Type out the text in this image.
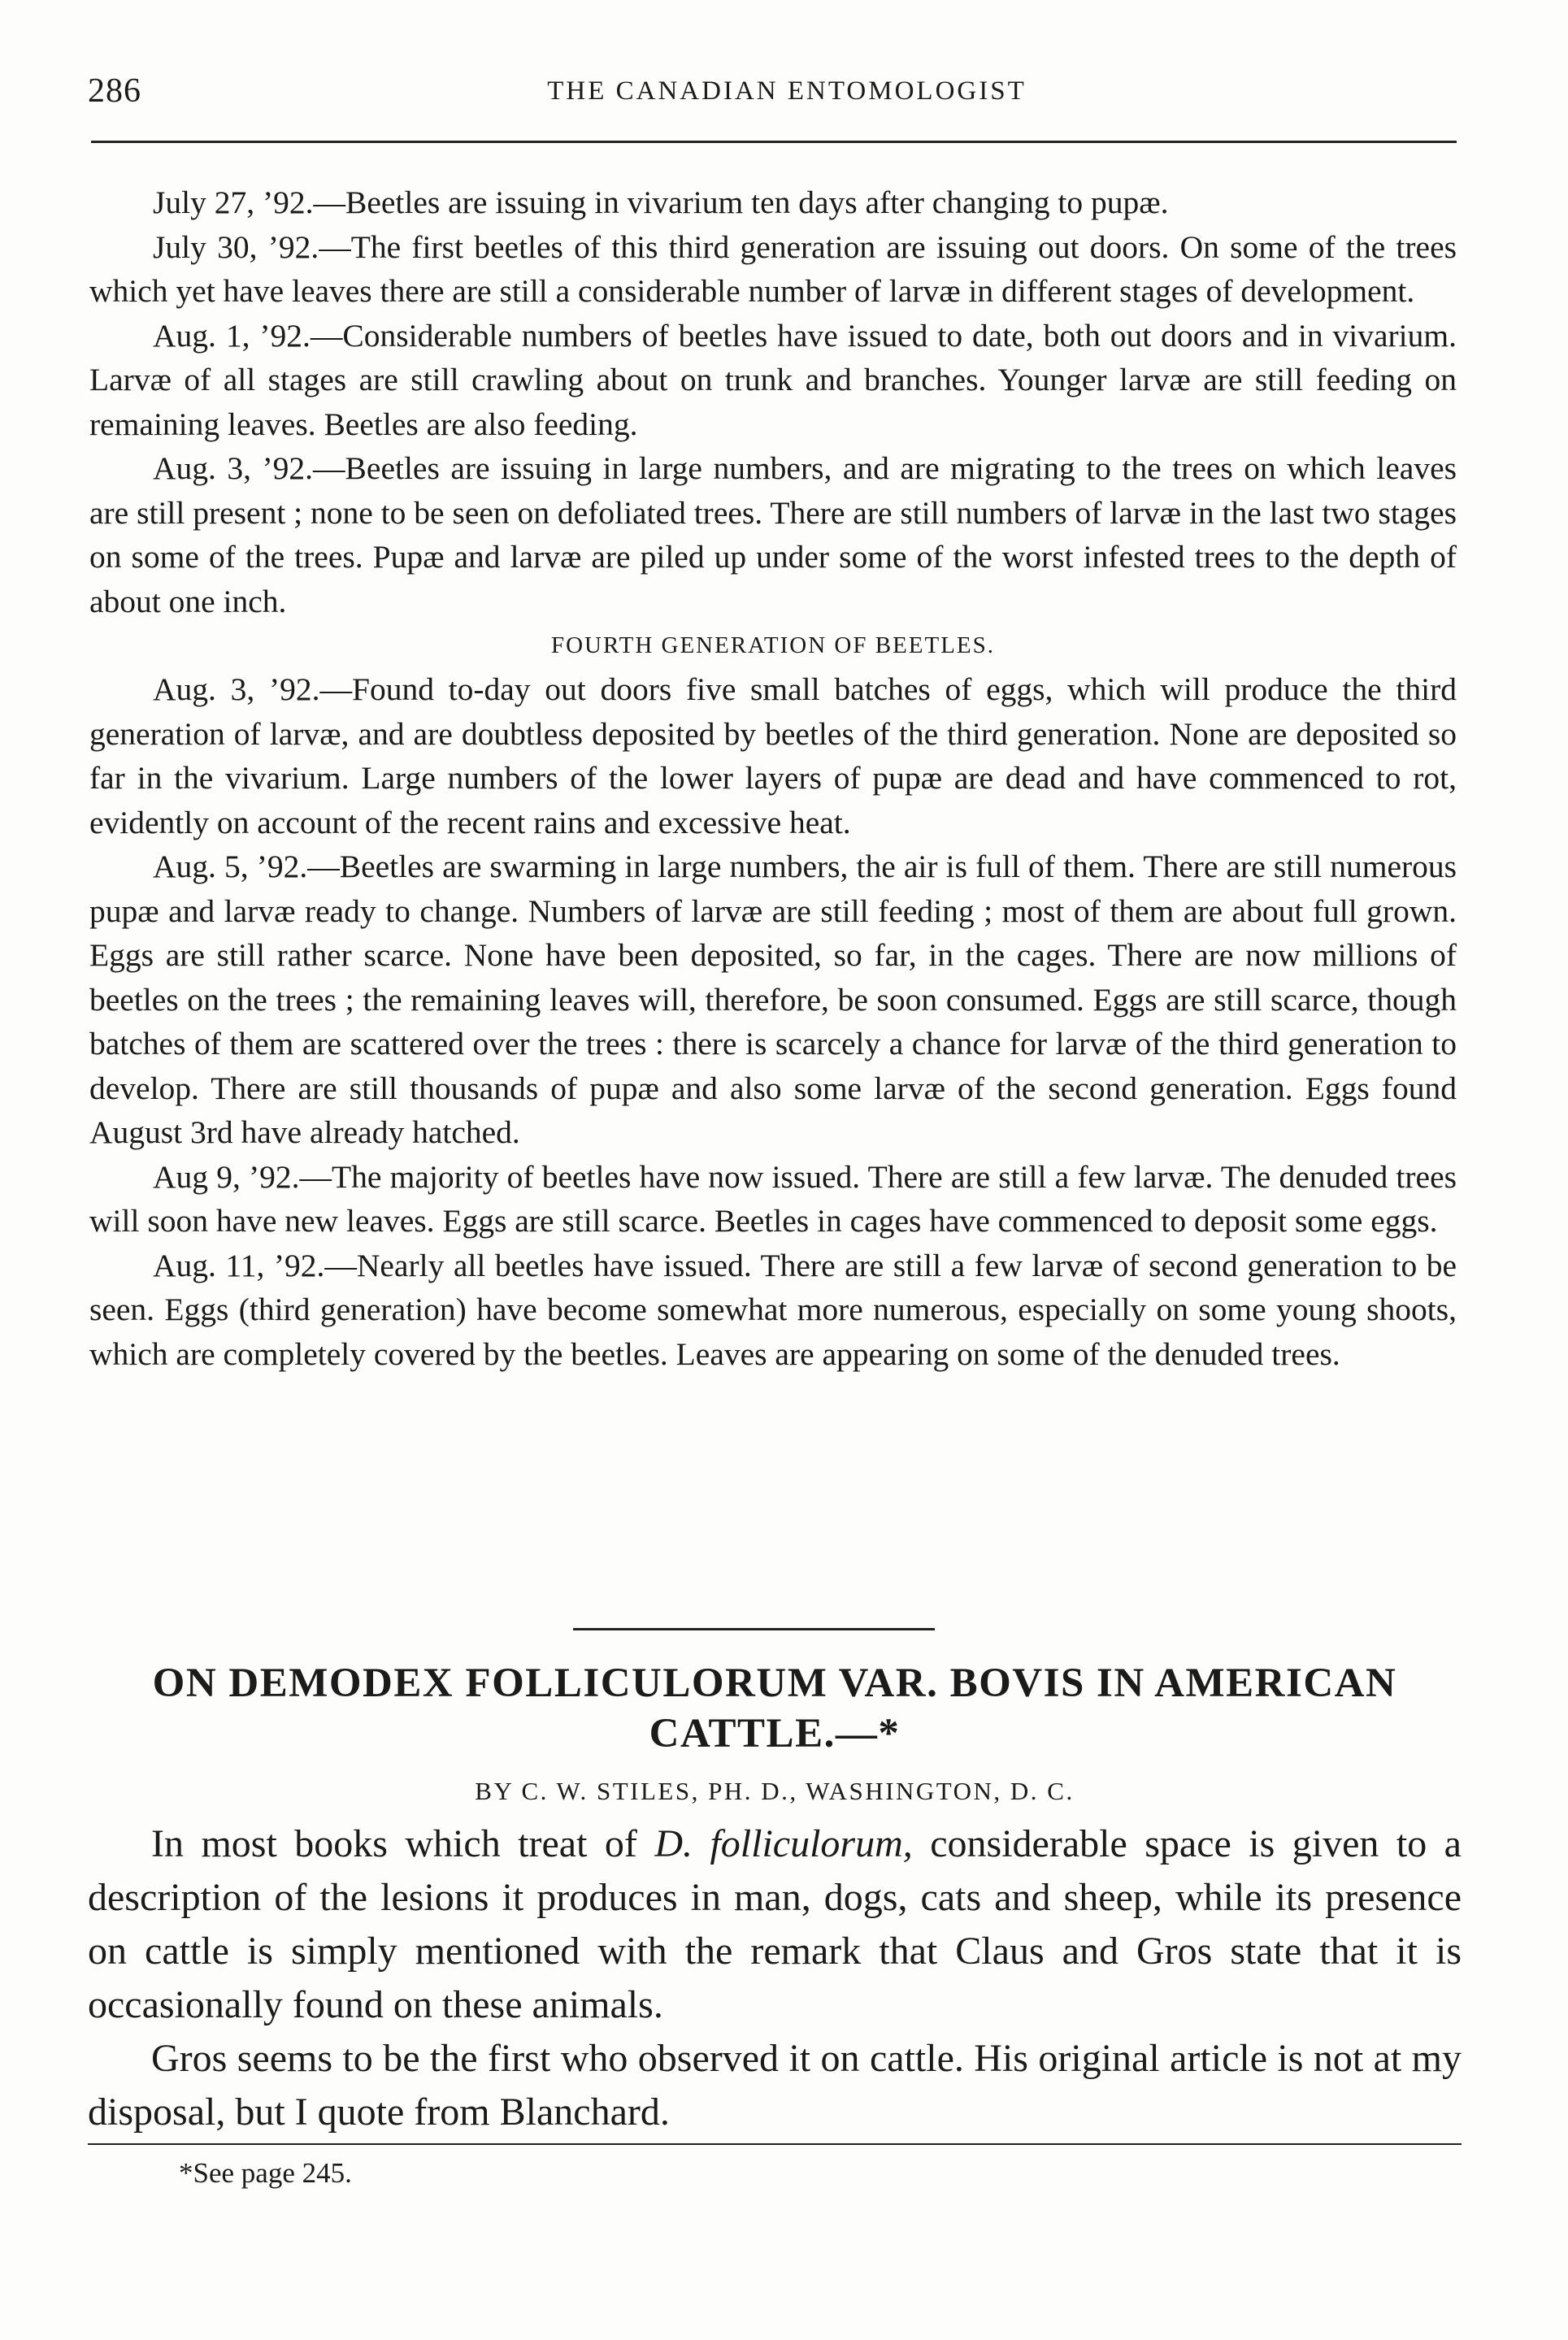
286	THE CANADIAN ENTOMOLOGIST

July 27, ’92.—Beetles are issuing in vivarium ten days after changing to pupæ.

July 30, ’92.—The first beetles of this third generation are issuing out doors. On some of the trees which yet have leaves there are still a considerable number of larvæ in different stages of development.

Aug. 1, ’92.—Considerable numbers of beetles have issued to date, both out doors and in vivarium. Larvæ of all stages are still crawling about on trunk and branches. Younger larvæ are still feeding on remaining leaves. Beetles are also feeding.

Aug. 3, ’92.—Beetles are issuing in large numbers, and are migrating to the trees on which leaves are still present ; none to be seen on defoliated trees. There are still numbers of larvæ in the last two stages on some of the trees. Pupæ and larvæ are piled up under some of the worst infested trees to the depth of about one inch.

FOURTH GENERATION OF BEETLES.

Aug. 3, ’92.—Found to-day out doors five small batches of eggs, which will produce the third generation of larvæ, and are doubtless deposited by beetles of the third generation. None are deposited so far in the vivarium. Large numbers of the lower layers of pupæ are dead and have commenced to rot, evidently on account of the recent rains and excessive heat.

Aug. 5, ’92.—Beetles are swarming in large numbers, the air is full of them. There are still numerous pupæ and larvæ ready to change. Numbers of larvæ are still feeding ; most of them are about full grown. Eggs are still rather scarce. None have been deposited, so far, in the cages. There are now millions of beetles on the trees ; the remaining leaves will, therefore, be soon consumed. Eggs are still scarce, though batches of them are scattered over the trees : there is scarcely a chance for larvæ of the third generation to develop. There are still thousands of pupæ and also some larvæ of the second generation. Eggs found August 3rd have already hatched.

Aug 9, ’92.—The majority of beetles have now issued. There are still a few larvæ. The denuded trees will soon have new leaves. Eggs are still scarce. Beetles in cages have commenced to deposit some eggs.

Aug. 11, ’92.—Nearly all beetles have issued. There are still a few larvæ of second generation to be seen. Eggs (third generation) have become somewhat more numerous, especially on some young shoots, which are completely covered by the beetles. Leaves are appearing on some of the denuded trees.

ON DEMODEX FOLLICULORUM VAR. BOVIS IN AMERICAN CATTLE.—*
BY C. W. STILES, PH. D., WASHINGTON, D. C.

In most books which treat of D. folliculorum, considerable space is given to a description of the lesions it produces in man, dogs, cats and sheep, while its presence on cattle is simply mentioned with the remark that Claus and Gros state that it is occasionally found on these animals.

Gros seems to be the first who observed it on cattle. His original article is not at my disposal, but I quote from Blanchard.

*See page 245.
